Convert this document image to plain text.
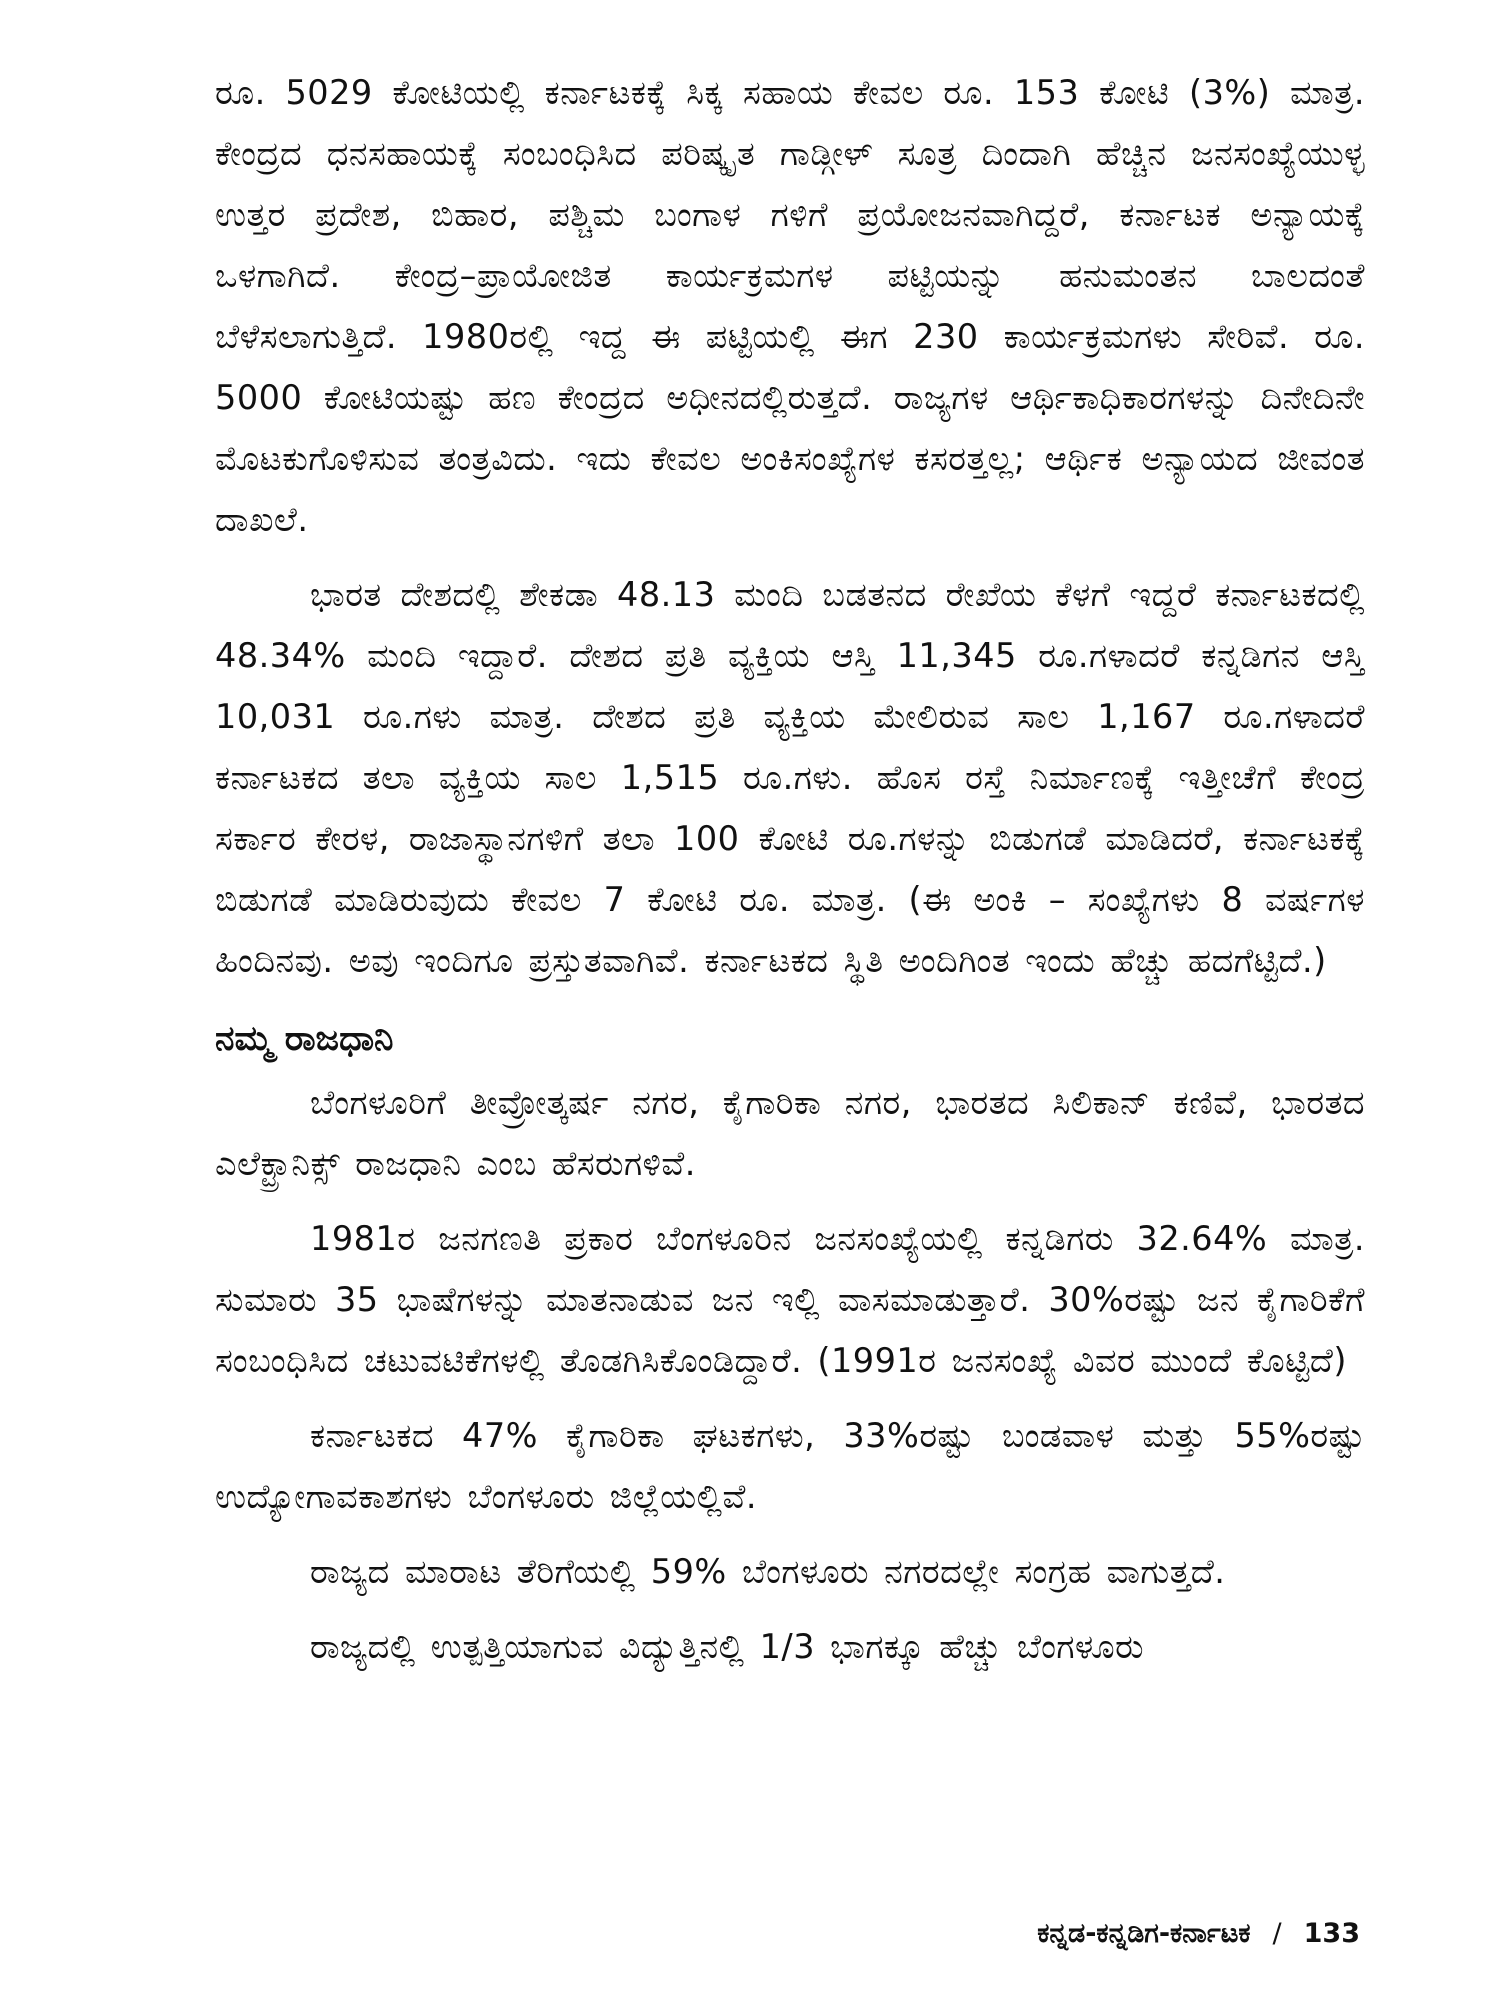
ರೂ. 5029 ಕೋಟಿಯಲ್ಲಿ ಕರ್ನಾಟಕಕ್ಕೆ ಸಿಕ್ಕ ಸಹಾಯ ಕೇವಲ ರೂ. 153 ಕೋಟಿ (3%) ಮಾತ್ರ. ಕೇಂದ್ರದ ಧನಸಹಾಯಕ್ಕೆ ಸಂಬಂಧಿಸಿದ ಪರಿಷ್ಕೃತ ಗಾಡ್ಗೀಳ್ ಸೂತ್ರ ದಿಂದಾಗಿ ಹೆಚ್ಚಿನ ಜನಸಂಖ್ಯೆಯುಳ್ಳ ಉತ್ತರ ಪ್ರದೇಶ, ಬಿಹಾರ, ಪಶ್ಚಿಮ ಬಂಗಾಳ ಗಳಿಗೆ ಪ್ರಯೋಜನವಾಗಿದ್ದರೆ, ಕರ್ನಾಟಕ ಅನ್ಯಾಯಕ್ಕೆ ಒಳಗಾಗಿದೆ. ಕೇಂದ್ರ–ಪ್ರಾಯೋಜಿತ ಕಾರ್ಯಕ್ರಮಗಳ ಪಟ್ಟಿಯನ್ನು ಹನುಮಂತನ ಬಾಲದಂತೆ ಬೆಳೆಸಲಾಗುತ್ತಿದೆ. 1980ರಲ್ಲಿ ಇದ್ದ ಈ ಪಟ್ಟಿಯಲ್ಲಿ ಈಗ 230 ಕಾರ್ಯಕ್ರಮಗಳು ಸೇರಿವೆ. ರೂ. 5000 ಕೋಟಿಯಷ್ಟು ಹಣ ಕೇಂದ್ರದ ಅಧೀನದಲ್ಲಿರುತ್ತದೆ. ರಾಜ್ಯಗಳ ಆರ್ಥಿಕಾಧಿಕಾರಗಳನ್ನು ದಿನೇದಿನೇ ಮೊಟಕುಗೊಳಿಸುವ ತಂತ್ರವಿದು. ಇದು ಕೇವಲ ಅಂಕಿಸಂಖ್ಯೆಗಳ ಕಸರತ್ತಲ್ಲ; ಆರ್ಥಿಕ ಅನ್ಯಾಯದ ಜೀವಂತ ದಾಖಲೆ.

ಭಾರತ ದೇಶದಲ್ಲಿ ಶೇಕಡಾ 48.13 ಮಂದಿ ಬಡತನದ ರೇಖೆಯ ಕೆಳಗೆ ಇದ್ದರೆ ಕರ್ನಾಟಕದಲ್ಲಿ 48.34% ಮಂದಿ ಇದ್ದಾರೆ. ದೇಶದ ಪ್ರತಿ ವ್ಯಕ್ತಿಯ ಆಸ್ತಿ 11,345 ರೂ.ಗಳಾದರೆ ಕನ್ನಡಿಗನ ಆಸ್ತಿ 10,031 ರೂ.ಗಳು ಮಾತ್ರ. ದೇಶದ ಪ್ರತಿ ವ್ಯಕ್ತಿಯ ಮೇಲಿರುವ ಸಾಲ 1,167 ರೂ.ಗಳಾದರೆ ಕರ್ನಾಟಕದ ತಲಾ ವ್ಯಕ್ತಿಯ ಸಾಲ 1,515 ರೂ.ಗಳು. ಹೊಸ ರಸ್ತೆ ನಿರ್ಮಾಣಕ್ಕೆ ಇತ್ತೀಚೆಗೆ ಕೇಂದ್ರ ಸರ್ಕಾರ ಕೇರಳ, ರಾಜಾಸ್ಥಾನಗಳಿಗೆ ತಲಾ 100 ಕೋಟಿ ರೂ.ಗಳನ್ನು ಬಿಡುಗಡೆ ಮಾಡಿದರೆ, ಕರ್ನಾಟಕಕ್ಕೆ ಬಿಡುಗಡೆ ಮಾಡಿರುವುದು ಕೇವಲ 7 ಕೋಟಿ ರೂ. ಮಾತ್ರ. (ಈ ಅಂಕಿ – ಸಂಖ್ಯೆಗಳು 8 ವರ್ಷಗಳ ಹಿಂದಿನವು. ಅವು ಇಂದಿಗೂ ಪ್ರಸ್ತುತವಾಗಿವೆ. ಕರ್ನಾಟಕದ ಸ್ಥಿತಿ ಅಂದಿಗಿಂತ ಇಂದು ಹೆಚ್ಚು ಹದಗೆಟ್ಟಿದೆ.)

ನಮ್ಮ ರಾಜಧಾನಿ

ಬೆಂಗಳೂರಿಗೆ ತೀವ್ರೋತ್ಕರ್ಷ ನಗರ, ಕೈಗಾರಿಕಾ ನಗರ, ಭಾರತದ ಸಿಲಿಕಾನ್ ಕಣಿವೆ, ಭಾರತದ ಎಲೆಕ್ಟ್ರಾನಿಕ್ಸ್ ರಾಜಧಾನಿ ಎಂಬ ಹೆಸರುಗಳಿವೆ.

1981ರ ಜನಗಣತಿ ಪ್ರಕಾರ ಬೆಂಗಳೂರಿನ ಜನಸಂಖ್ಯೆಯಲ್ಲಿ ಕನ್ನಡಿಗರು 32.64% ಮಾತ್ರ. ಸುಮಾರು 35 ಭಾಷೆಗಳನ್ನು ಮಾತನಾಡುವ ಜನ ಇಲ್ಲಿ ವಾಸಮಾಡುತ್ತಾರೆ. 30%ರಷ್ಟು ಜನ ಕೈಗಾರಿಕೆಗೆ ಸಂಬಂಧಿಸಿದ ಚಟುವಟಿಕೆಗಳಲ್ಲಿ ತೊಡಗಿಸಿಕೊಂಡಿದ್ದಾರೆ. (1991ರ ಜನಸಂಖ್ಯೆ ವಿವರ ಮುಂದೆ ಕೊಟ್ಟಿದೆ)

ಕರ್ನಾಟಕದ 47% ಕೈಗಾರಿಕಾ ಘಟಕಗಳು, 33%ರಷ್ಟು ಬಂಡವಾಳ ಮತ್ತು 55%ರಷ್ಟು ಉದ್ಯೋಗಾವಕಾಶಗಳು ಬೆಂಗಳೂರು ಜಿಲ್ಲೆಯಲ್ಲಿವೆ.

ರಾಜ್ಯದ ಮಾರಾಟ ತೆರಿಗೆಯಲ್ಲಿ 59% ಬೆಂಗಳೂರು ನಗರದಲ್ಲೇ ಸಂಗ್ರಹ ವಾಗುತ್ತದೆ.

ರಾಜ್ಯದಲ್ಲಿ ಉತ್ಪತ್ತಿಯಾಗುವ ವಿದ್ಯುತ್ತಿನಲ್ಲಿ 1/3 ಭಾಗಕ್ಕೂ ಹೆಚ್ಚು ಬೆಂಗಳೂರು

ಕನ್ನಡ-ಕನ್ನಡಿಗ-ಕರ್ನಾಟಕ / 133
